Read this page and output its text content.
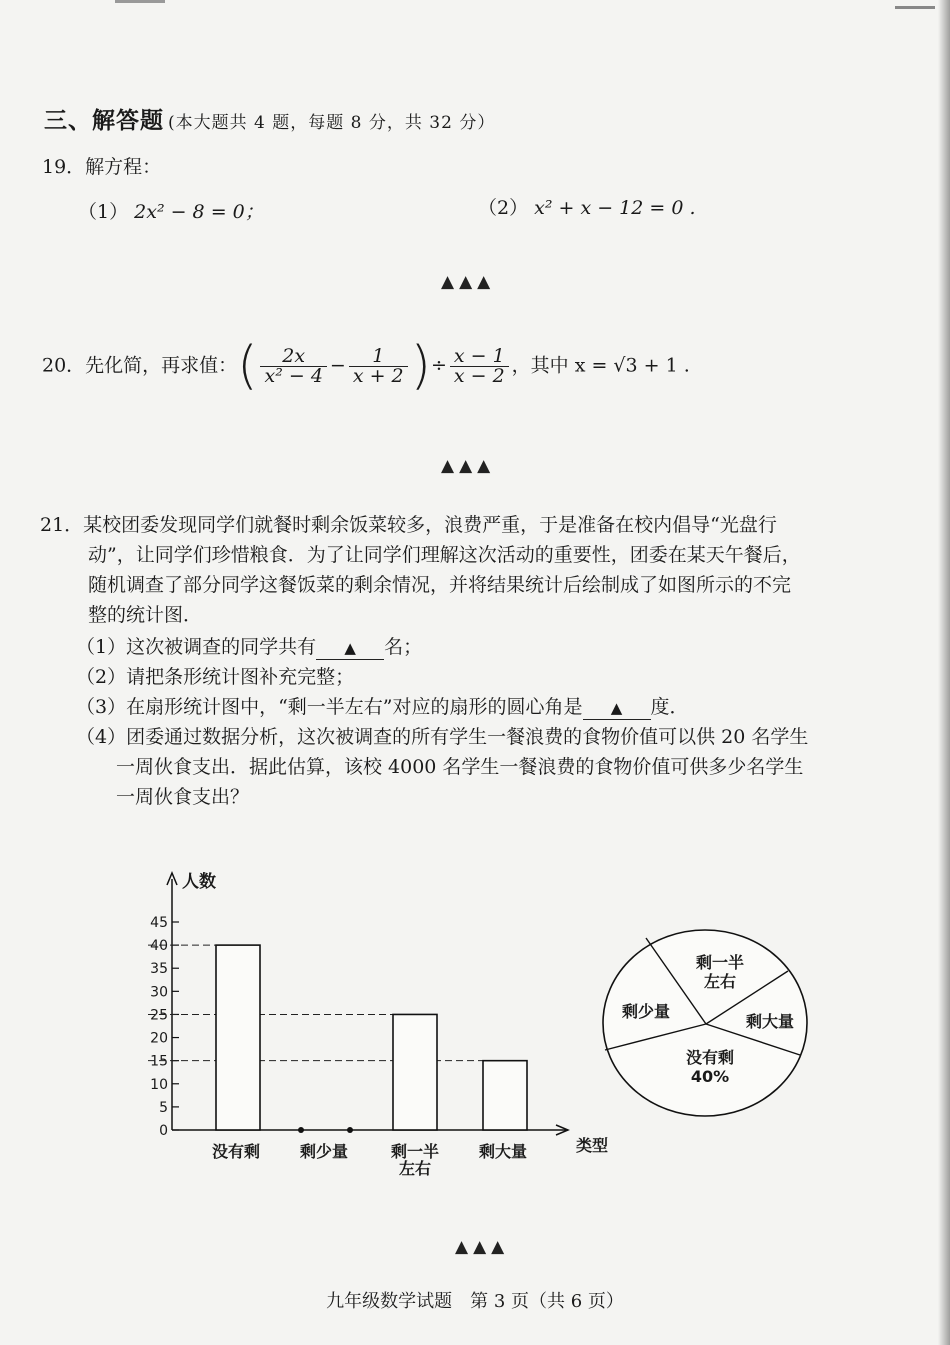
三、解答题 (本大题共 4 题，每题 8 分，共 32 分）
19．解方程：
（1） 2x² − 8 = 0；	（2） x² + x − 12 = 0 .
▲▲▲
20．先化简，再求值：( $\frac{2x}{\text{x² − 4}} - \frac{1}{x + 2}$ )÷ $\frac{x - 1}{x - 2}$ ，其中 x = √3 + 1 .
▲▲▲
21．某校团委发现同学们就餐时剩余饭菜较多，浪费严重，于是准备在校内倡导“光盘行
动”，让同学们珍惜粮食．为了让同学们理解这次活动的重要性，团委在某天午餐后，
随机调查了部分同学这餐饭菜的剩余情况，并将结果统计后绘制成了如图所示的不完
整的统计图．
（1）这次被调查的同学共有 ▲ 名；
（2）请把条形统计图补充完整；
（3）在扇形统计图中，“剩一半左右”对应的扇形的圆心角是 ▲ 度．
（4）团委通过数据分析，这次被调查的所有学生一餐浪费的食物价值可以供 20 名学生
一周伙食支出．据此估算，该校 4000 名学生一餐浪费的食物价值可供多少名学生
一周伙食支出？
人数
类型
0
5
10
15
20
25
30
35
40
45
没有剩 剩少量	剩一半
左右
剩大量
剩一半
左右
剩大量
没有剩
40%
剩少量
▲▲▲
九年级数学试题　第 3 页（共 6 页）
